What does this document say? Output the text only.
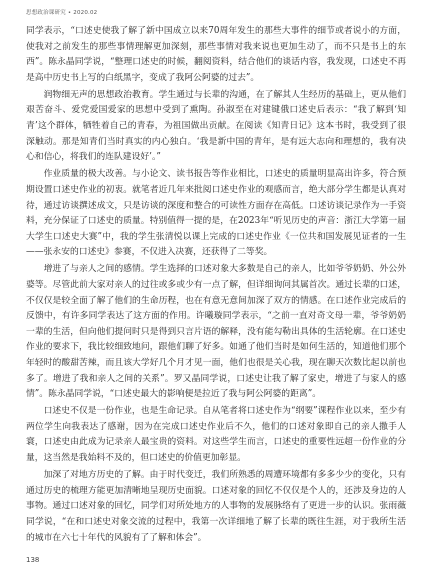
思想政治课研究 • 2020.02

同学表示，“口述史使我了解了新中国成立以来70周年发生的那些大事件的细节或者说小的方面，使我对之前发生的那些事情理解更加深刻，那些事情对我来说也更加生动了，而不只是书上的东西”。陈永晶同学说，“整理口述史的时候，翻阅资料，结合他们的谈话内容，我发现，口述史不再是高中历史书上写的白纸黑字，变成了我阿公阿婆的过去”。

润物细无声的思想政治教育。学生通过与长辈的沟通，在了解其人生经历的基础上，更从他们艰苦奋斗、爱党爱国爱家的思想中受到了熏陶。孙淑至在对建键俄口述史后表示：“我了解到‘知青’这个群体，牺牲着自己的青春，为祖国做出贡献。在阅读《知青日记》这本书时，我受到了很深触动。那是知青们当时真实的内心独白。‘我是新中国的青年，是有远大志向和理想的，我有决心和信心，将我们的连队建设好’。”

作业质量的极大改善。与小论文、读书报告等作业相比，口述史的质量明显高出许多，符合预期设置口述史作业的初衷。就笔者近几年来批阅口述史作业的观感而言，绝大部分学生都是认真对待，通过访谈撰述成文，只是访谈的深度和整合的可读性方面存在高低。口述访谈记录作为一手资料，充分保证了口述史的质量。特别值得一提的是，在2023年“听见历史的声音：浙江大学第一届大学生口述史大赛”中，我的学生张清悦以课上完成的口述史作业《一位共和国发展见证者的一生——张永安的口述史》参赛，不仅进入决赛，还获得了二等奖。

增进了与亲人之间的感情。学生选择的口述对象大多数是自己的亲人，比如爷爷奶奶、外公外婆等。尽管此前大家对亲人的过往或多或少有一点了解，但详细询问其属首次。通过长辈的口述，不仅仅是较全面了解了他们的生命历程，也在有意无意间加深了双方的情感。在口述作业完成后的反馈中，有许多同学表达了这方面的作用。许曦璇同学表示，“之前一直对奇文母一辈，爷爷奶奶一辈的生活，但向他们提问时只是得到只言片语的解释，没有能勾勒出具体的生活轮廓。在口述史作业的要求下，我比较细致地问，跟他们聊了好多。如通了他们当时是如何生活的，知道他们那个年轻时的酸甜苦辣，而且该大学好几个月才见一面，他们也很是关心我，现在聊天次数比起以前也多了。增进了我和亲人之间的关系”。罗又晶同学说，口述史让我了解了家史，增进了与家人的感情”。陈永晶同学说，“口述史最大的影响便是拉近了我与阿公阿婆的距离”。

口述史不仅是一份作业，也是生命记录。自从笔者将口述史作为“纲要”课程作业以来，至少有两位学生向我表达了感谢，因为在完成口述史作业后不久，他们的口述对象即自己的亲人撒手人寰，口述史由此成为记录亲人最宝贵的资料。对这些学生而言，口述史的重要性远超一份作业的分量，这当然是我始料不及的，但口述史的价值更加彰显。

加深了对地方历史的了解。由于时代变迁，我们所熟悉的周遭环境都有多多少少的变化，只有通过历史的梳理方能更加清晰地呈现历史面貌。口述对象的回忆不仅仅是个人的，还涉及身边的人事物。通过口述对象的回忆，同学们对所处地方的人事物的发展脉络有了更进一步的认识。张雨薇同学说，“在和口述史对象交流的过程中，我第一次详细地了解了长辈的既往生涯，对于我所生活的城市在六七十年代的风貌有了了解和体会”。

138
